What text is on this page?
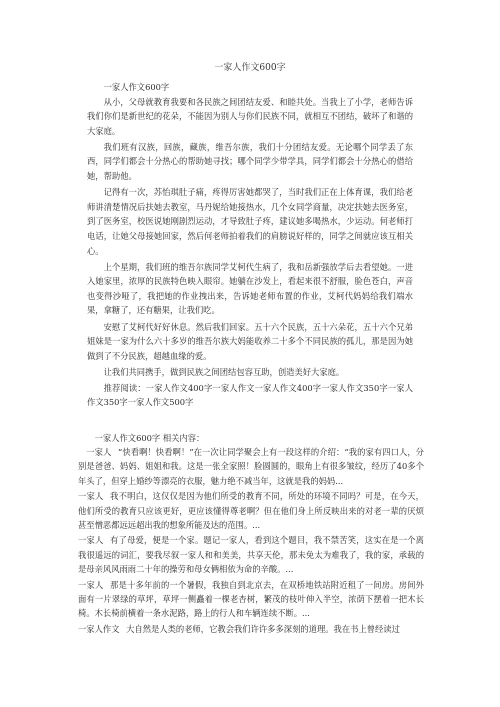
一家人作文600字

一家人作文600字

从小，父母就教育我要和各民族之间团结友爱、和睦共处。当我上了小学，老师告诉我们你们是新世纪的花朵，不能因为别人与你们民族不同，就相互不团结，破坏了和谐的大家庭。

我们班有汉族，回族，藏族，维吾尔族，我们十分团结友爱。无论哪个同学丢了东西，同学们都会十分热心的帮助她寻找；哪个同学少带学具，同学们都会十分热心的借给她，帮助他。

记得有一次，苏怡琪肚子痛，疼得厉害她都哭了，当时我们正在上体育课，我们给老师讲清楚情况后扶她去教室，马丹妮给她接热水，几个女同学商量，决定扶她去医务室，到了医务室，校医说她刚剧烈运动，才导致肚子疼，建议她多喝热水，少运动。何老师打电话，让她父母接她回家，然后何老师拍着我们的肩膀说好样的，同学之间就应该互相关心。

上个星期，我们班的维吾尔族同学艾柯代生病了，我和岳新强放学后去看望她。一进入她家里，浓厚的民族特色映入眼帘。她躺在沙发上，看起来很不舒服，脸色苍白，声音也变得沙哑了，我把她的作业拽出来，告诉她老师布置的作业，艾柯代妈妈给我们端水果，拿糖了，还有糖果，让我们吃。

安慰了艾柯代好好休息。然后我们回家。五十六个民族，五十六朵花，五十六个兄弟姐妹是一家为什么六十多岁的维吾尔族大妈能收养二十多个不同民族的孤儿，那是因为她做到了不分民族，超越血缘的爱。

让我们共同携手，做到民族之间团结包容互助，创造美好大家庭。

推荐阅读：一家人作文400字一家人作文一家人作文400字一家人作文350字一家人作文350字一家人作文500字

一家人作文600字 相关内容：

一家人 “快看啊！快看啊！”在一次让同学聚会上有一段这样的介绍：“我的家有四口人，分别是爸爸、妈妈、姐姐和我。这是一张全家照！脸圆圆的，眼角上有很多皱纹，经历了40多个年头了，但穿上婚纱等漂亮的衣服，魅力绝不减当年，这就是我的妈妈...

一家人 我不明白，这仅仅是因为他们所受的教育不同，所处的环境不同吗？可是，在今天，他们所受的教育只应该更好，更应该懂得尊老啊？但在他们身上所反映出来的对老一辈的厌烦甚至憎恶都远远超出我的想象所能及达的范围。...

一家人 有了母爱，便是一个家。题记一家人，看到这个题目，我不禁苦笑，这实在是一个离我很遥远的词汇，要我尽叙一家人和和美美，共享天伦，那未免太为难我了，我的家，承载的是母亲风风雨雨二十年的操劳和母女俩相依为命的辛酸。...

一家人 那是十多年前的一个暑假，我独自到北京去，在双桥地铁站附近租了一间房。房间外面有一片翠绿的草坪，草坪一侧矗着一棵老杏树，繁茂的枝叶伸入半空，浓荫下摆着一把木长椅。木长椅前横着一条水泥路，路上的行人和车辆连续不断。...

一家人作文 大自然是人类的老师，它教会我们许许多多深刻的道理。我在书上曾经读过
